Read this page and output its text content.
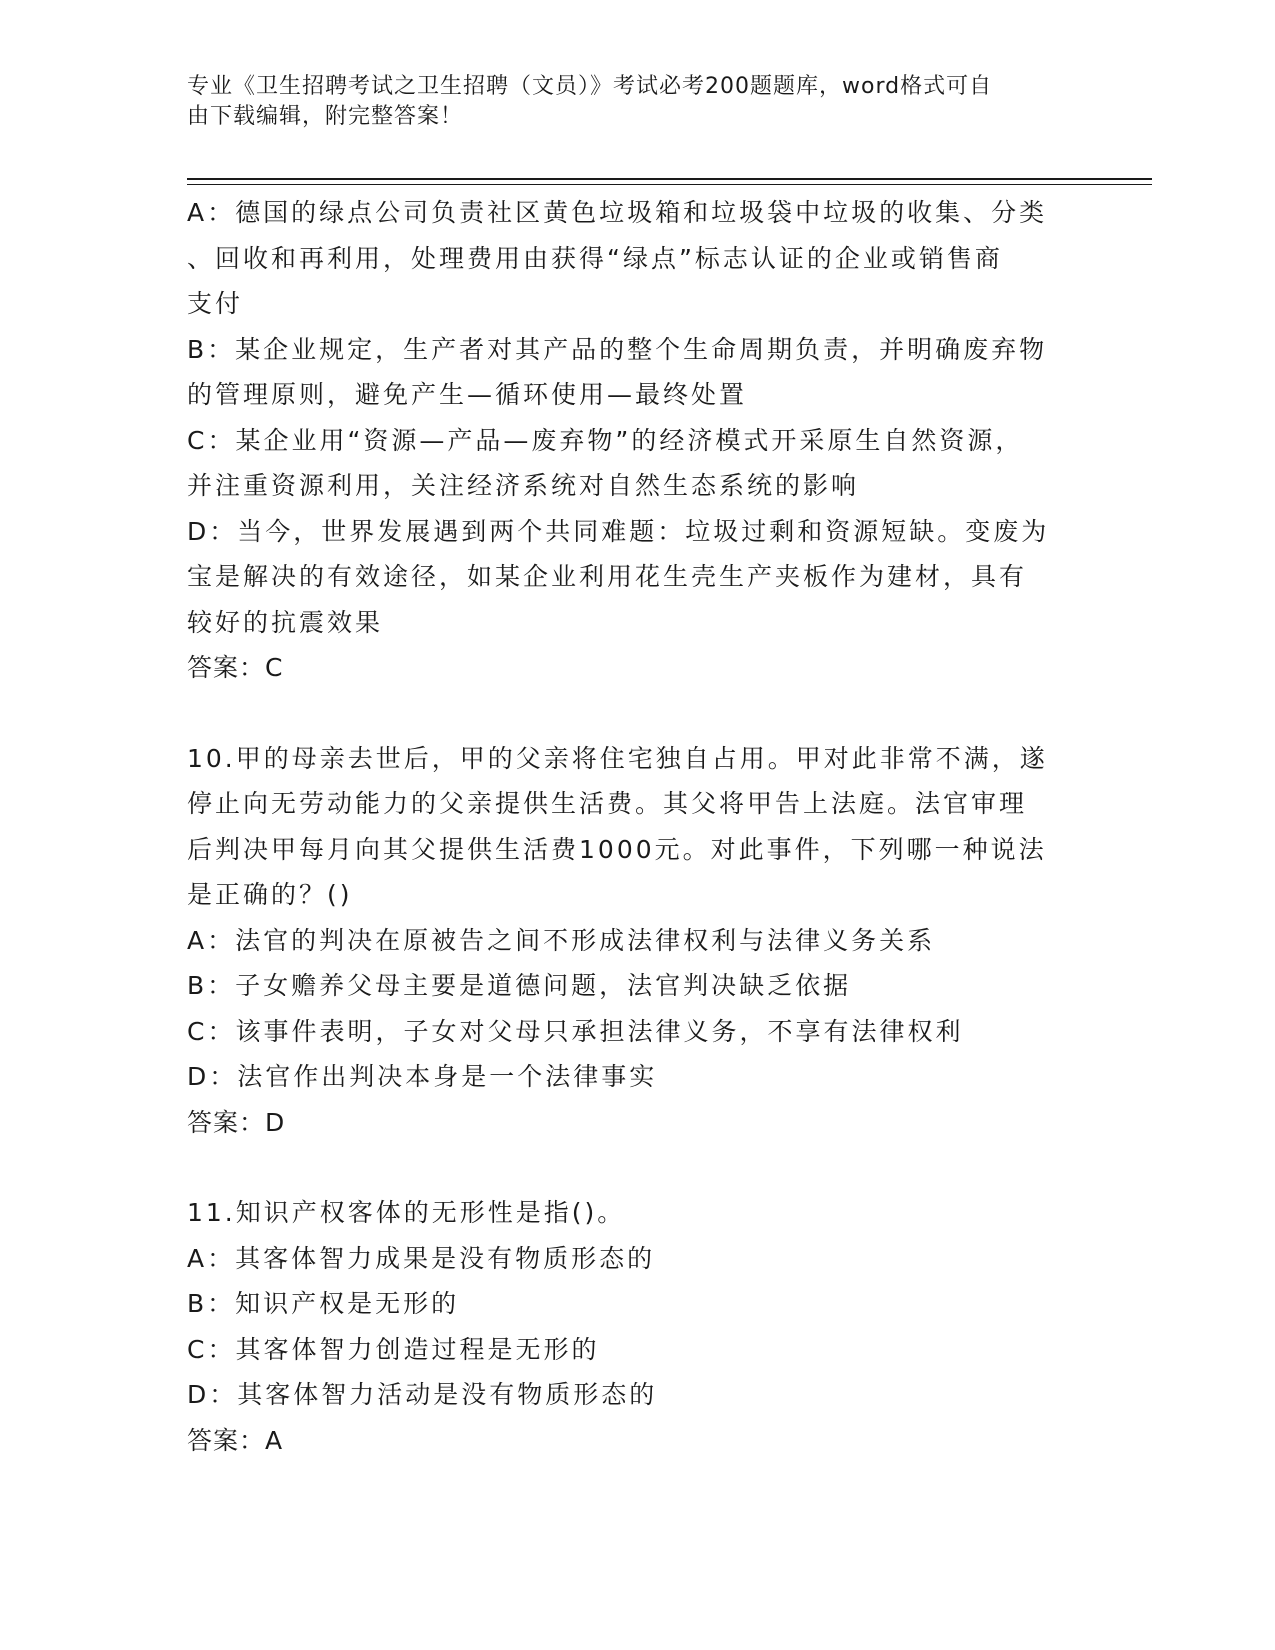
专业《卫生招聘考试之卫生招聘（文员）》考试必考200题题库，word格式可自
由下载编辑，附完整答案！
A：德国的绿点公司负责社区黄色垃圾箱和垃圾袋中垃圾的收集、分类
、回收和再利用，处理费用由获得“绿点”标志认证的企业或销售商
支付
B：某企业规定，生产者对其产品的整个生命周期负责，并明确废弃物
的管理原则，避免产生—循环使用—最终处置
C：某企业用“资源—产品—废弃物”的经济模式开采原生自然资源，
并注重资源利用，关注经济系统对自然生态系统的影响
D：当今，世界发展遇到两个共同难题：垃圾过剩和资源短缺。变废为
宝是解决的有效途径，如某企业利用花生壳生产夹板作为建材，具有
较好的抗震效果
答案：C
10.甲的母亲去世后，甲的父亲将住宅独自占用。甲对此非常不满，遂
停止向无劳动能力的父亲提供生活费。其父将甲告上法庭。法官审理
后判决甲每月向其父提供生活费1000元。对此事件，下列哪一种说法
是正确的？()
A：法官的判决在原被告之间不形成法律权利与法律义务关系
B：子女赡养父母主要是道德问题，法官判决缺乏依据
C：该事件表明，子女对父母只承担法律义务，不享有法律权利
D：法官作出判决本身是一个法律事实
答案：D
11.知识产权客体的无形性是指()。
A：其客体智力成果是没有物质形态的
B：知识产权是无形的
C：其客体智力创造过程是无形的
D：其客体智力活动是没有物质形态的
答案：A
